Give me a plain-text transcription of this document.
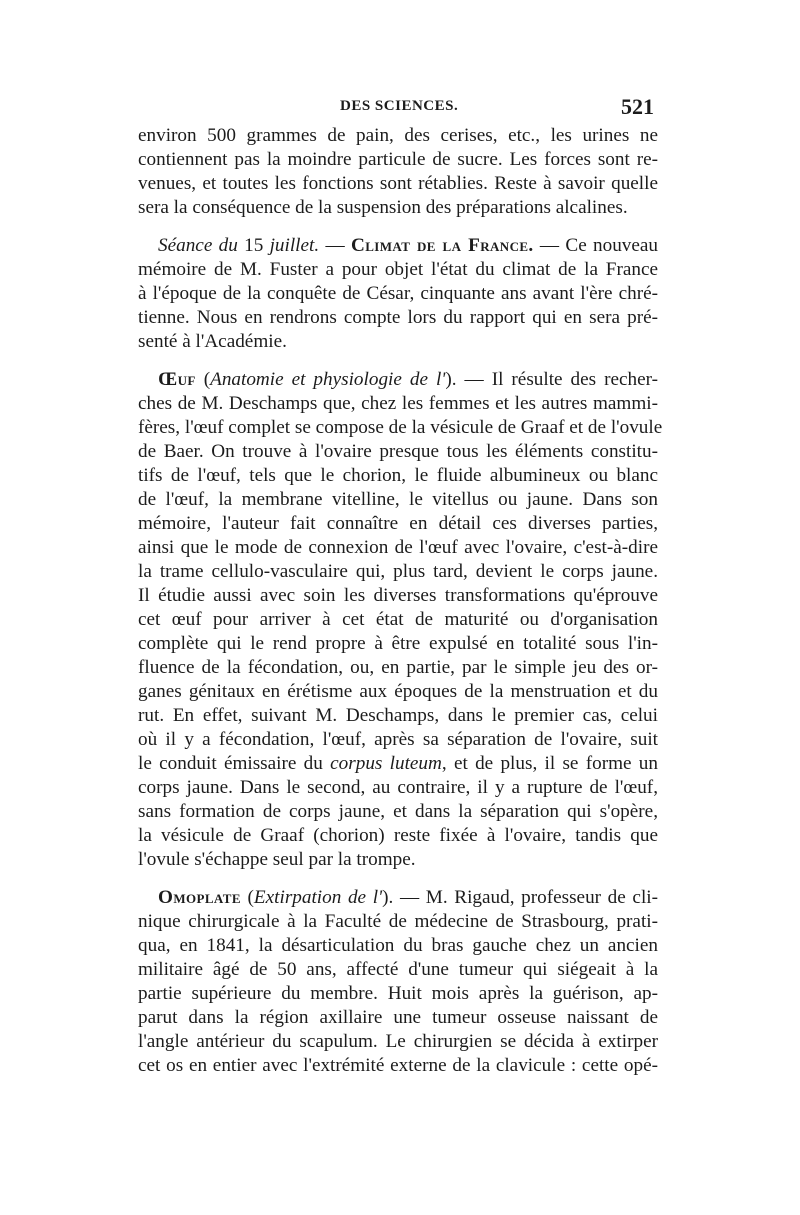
DES SCIENCES.	521
environ 500 grammes de pain, des cerises, etc., les urines ne
contiennent pas la moindre particule de sucre. Les forces sont re-
venues, et toutes les fonctions sont rétablies. Reste à savoir quelle
sera la conséquence de la suspension des préparations alcalines.
Séance du 15 juillet. — Climat de la France. — Ce nouveau
mémoire de M. Fuster a pour objet l'état du climat de la France
à l'époque de la conquête de César, cinquante ans avant l'ère chré-
tienne. Nous en rendrons compte lors du rapport qui en sera pré-
senté à l'Académie.
Œuf (Anatomie et physiologie de l'). — Il résulte des recher-
ches de M. Deschamps que, chez les femmes et les autres mammi-
fères, l'œuf complet se compose de la vésicule de Graaf et de l'ovule
de Baer. On trouve à l'ovaire presque tous les éléments constitu-
tifs de l'œuf, tels que le chorion, le fluide albumineux ou blanc
de l'œuf, la membrane vitelline, le vitellus ou jaune. Dans son
mémoire, l'auteur fait connaître en détail ces diverses parties,
ainsi que le mode de connexion de l'œuf avec l'ovaire, c'est-à-dire
la trame cellulo-vasculaire qui, plus tard, devient le corps jaune.
Il étudie aussi avec soin les diverses transformations qu'éprouve
cet œuf pour arriver à cet état de maturité ou d'organisation
complète qui le rend propre à être expulsé en totalité sous l'in-
fluence de la fécondation, ou, en partie, par le simple jeu des or-
ganes génitaux en érétisme aux époques de la menstruation et du
rut. En effet, suivant M. Deschamps, dans le premier cas, celui
où il y a fécondation, l'œuf, après sa séparation de l'ovaire, suit
le conduit émissaire du corpus luteum, et de plus, il se forme un
corps jaune. Dans le second, au contraire, il y a rupture de l'œuf,
sans formation de corps jaune, et dans la séparation qui s'opère,
la vésicule de Graaf (chorion) reste fixée à l'ovaire, tandis que
l'ovule s'échappe seul par la trompe.
Omoplate (Extirpation de l'). — M. Rigaud, professeur de cli-
nique chirurgicale à la Faculté de médecine de Strasbourg, prati-
qua, en 1841, la désarticulation du bras gauche chez un ancien
militaire âgé de 50 ans, affecté d'une tumeur qui siégeait à la
partie supérieure du membre. Huit mois après la guérison, ap-
parut dans la région axillaire une tumeur osseuse naissant de
l'angle antérieur du scapulum. Le chirurgien se décida à extirper
cet os en entier avec l'extrémité externe de la clavicule : cette opé-
